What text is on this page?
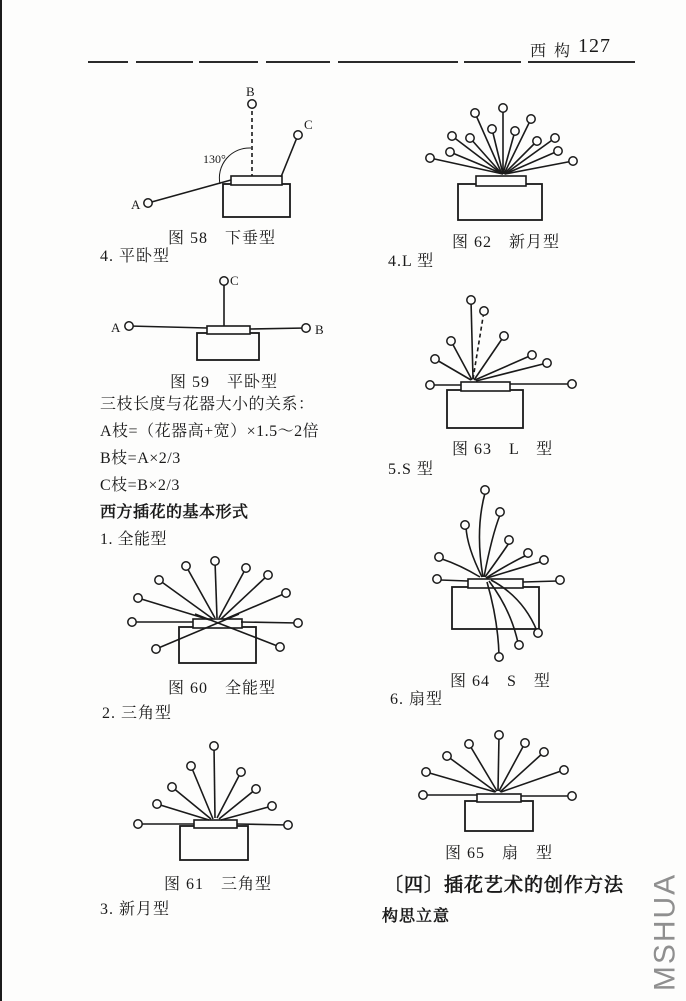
西构 127
A
B
C
130°
图 58　下垂型
4. 平卧型
A	B
C
图 59　平卧型
三枝长度与花器大小的关系：
A枝=（花器高+宽）×1.5～2倍
B枝=A×2/3
C枝=B×2/3
西方插花的基本形式
1. 全能型
图 60　全能型
2. 三角型
图 61　三角型
3. 新月型
图 62　新月型
4.L 型
图 63　L　型
5.S 型
图 64　S　型
6. 扇型
图 65　扇　型
〔四〕插花艺术的创作方法
构思立意	MSHUA
